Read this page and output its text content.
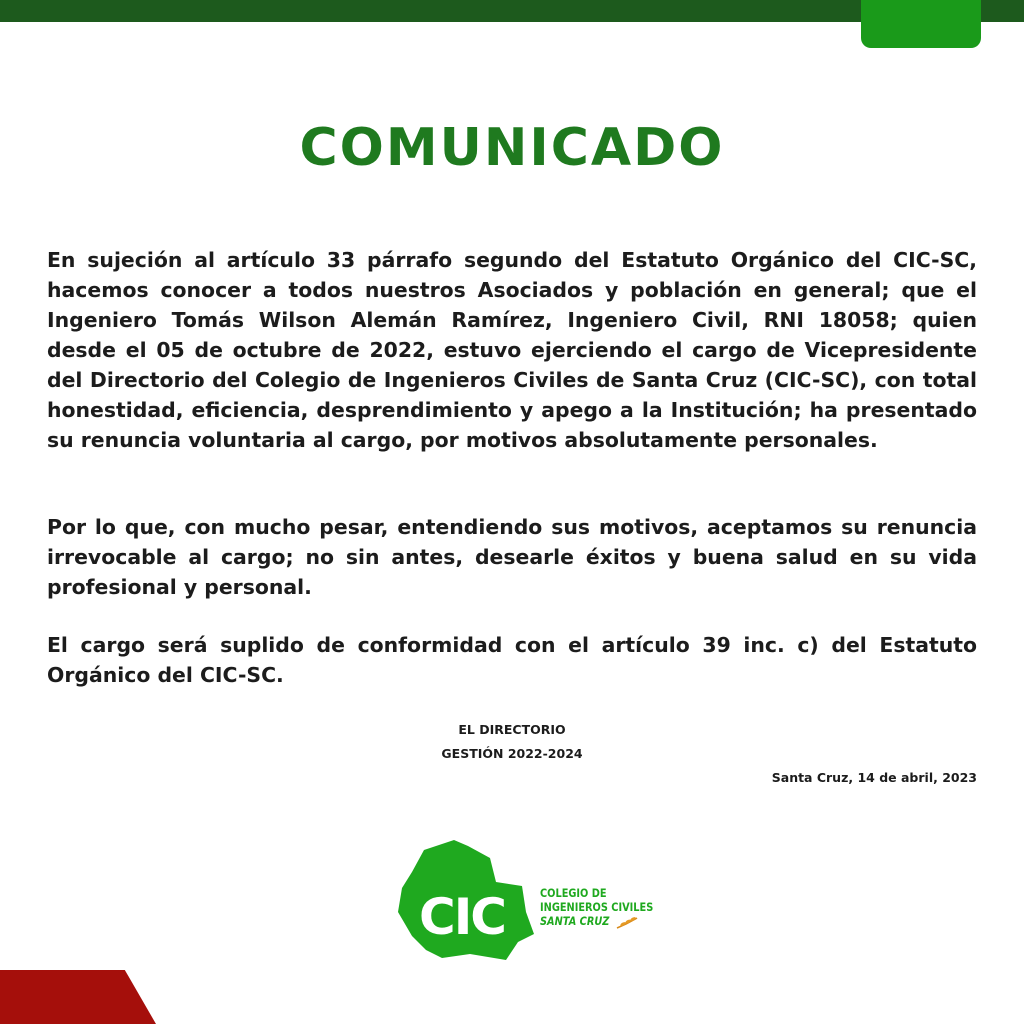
COMUNICADO

En sujeción al artículo 33 párrafo segundo del Estatuto Orgánico del CIC-SC, hacemos conocer a todos nuestros Asociados y población en general; que el Ingeniero Tomás Wilson Alemán Ramírez, Ingeniero Civil, RNI 18058; quien desde el 05 de octubre de 2022, estuvo ejerciendo el cargo de Vicepresidente del Directorio del Colegio de Ingenieros Civiles de Santa Cruz (CIC-SC), con total honestidad, eficiencia, desprendimiento y apego a la Institución; ha presentado su renuncia voluntaria al cargo, por motivos absolutamente personales.

Por lo que, con mucho pesar, entendiendo sus motivos, aceptamos su renuncia irrevocable al cargo; no sin antes, desearle éxitos y buena salud en su vida profesional y personal.

El cargo será suplido de conformidad con el artículo 39 inc. c) del Estatuto Orgánico del CIC-SC.

EL DIRECTORIO
GESTIÓN 2022-2024
Santa Cruz, 14 de abril, 2023
CIC	COLEGIO DE
INGENIEROS CIVILES
SANTA CRUZ
